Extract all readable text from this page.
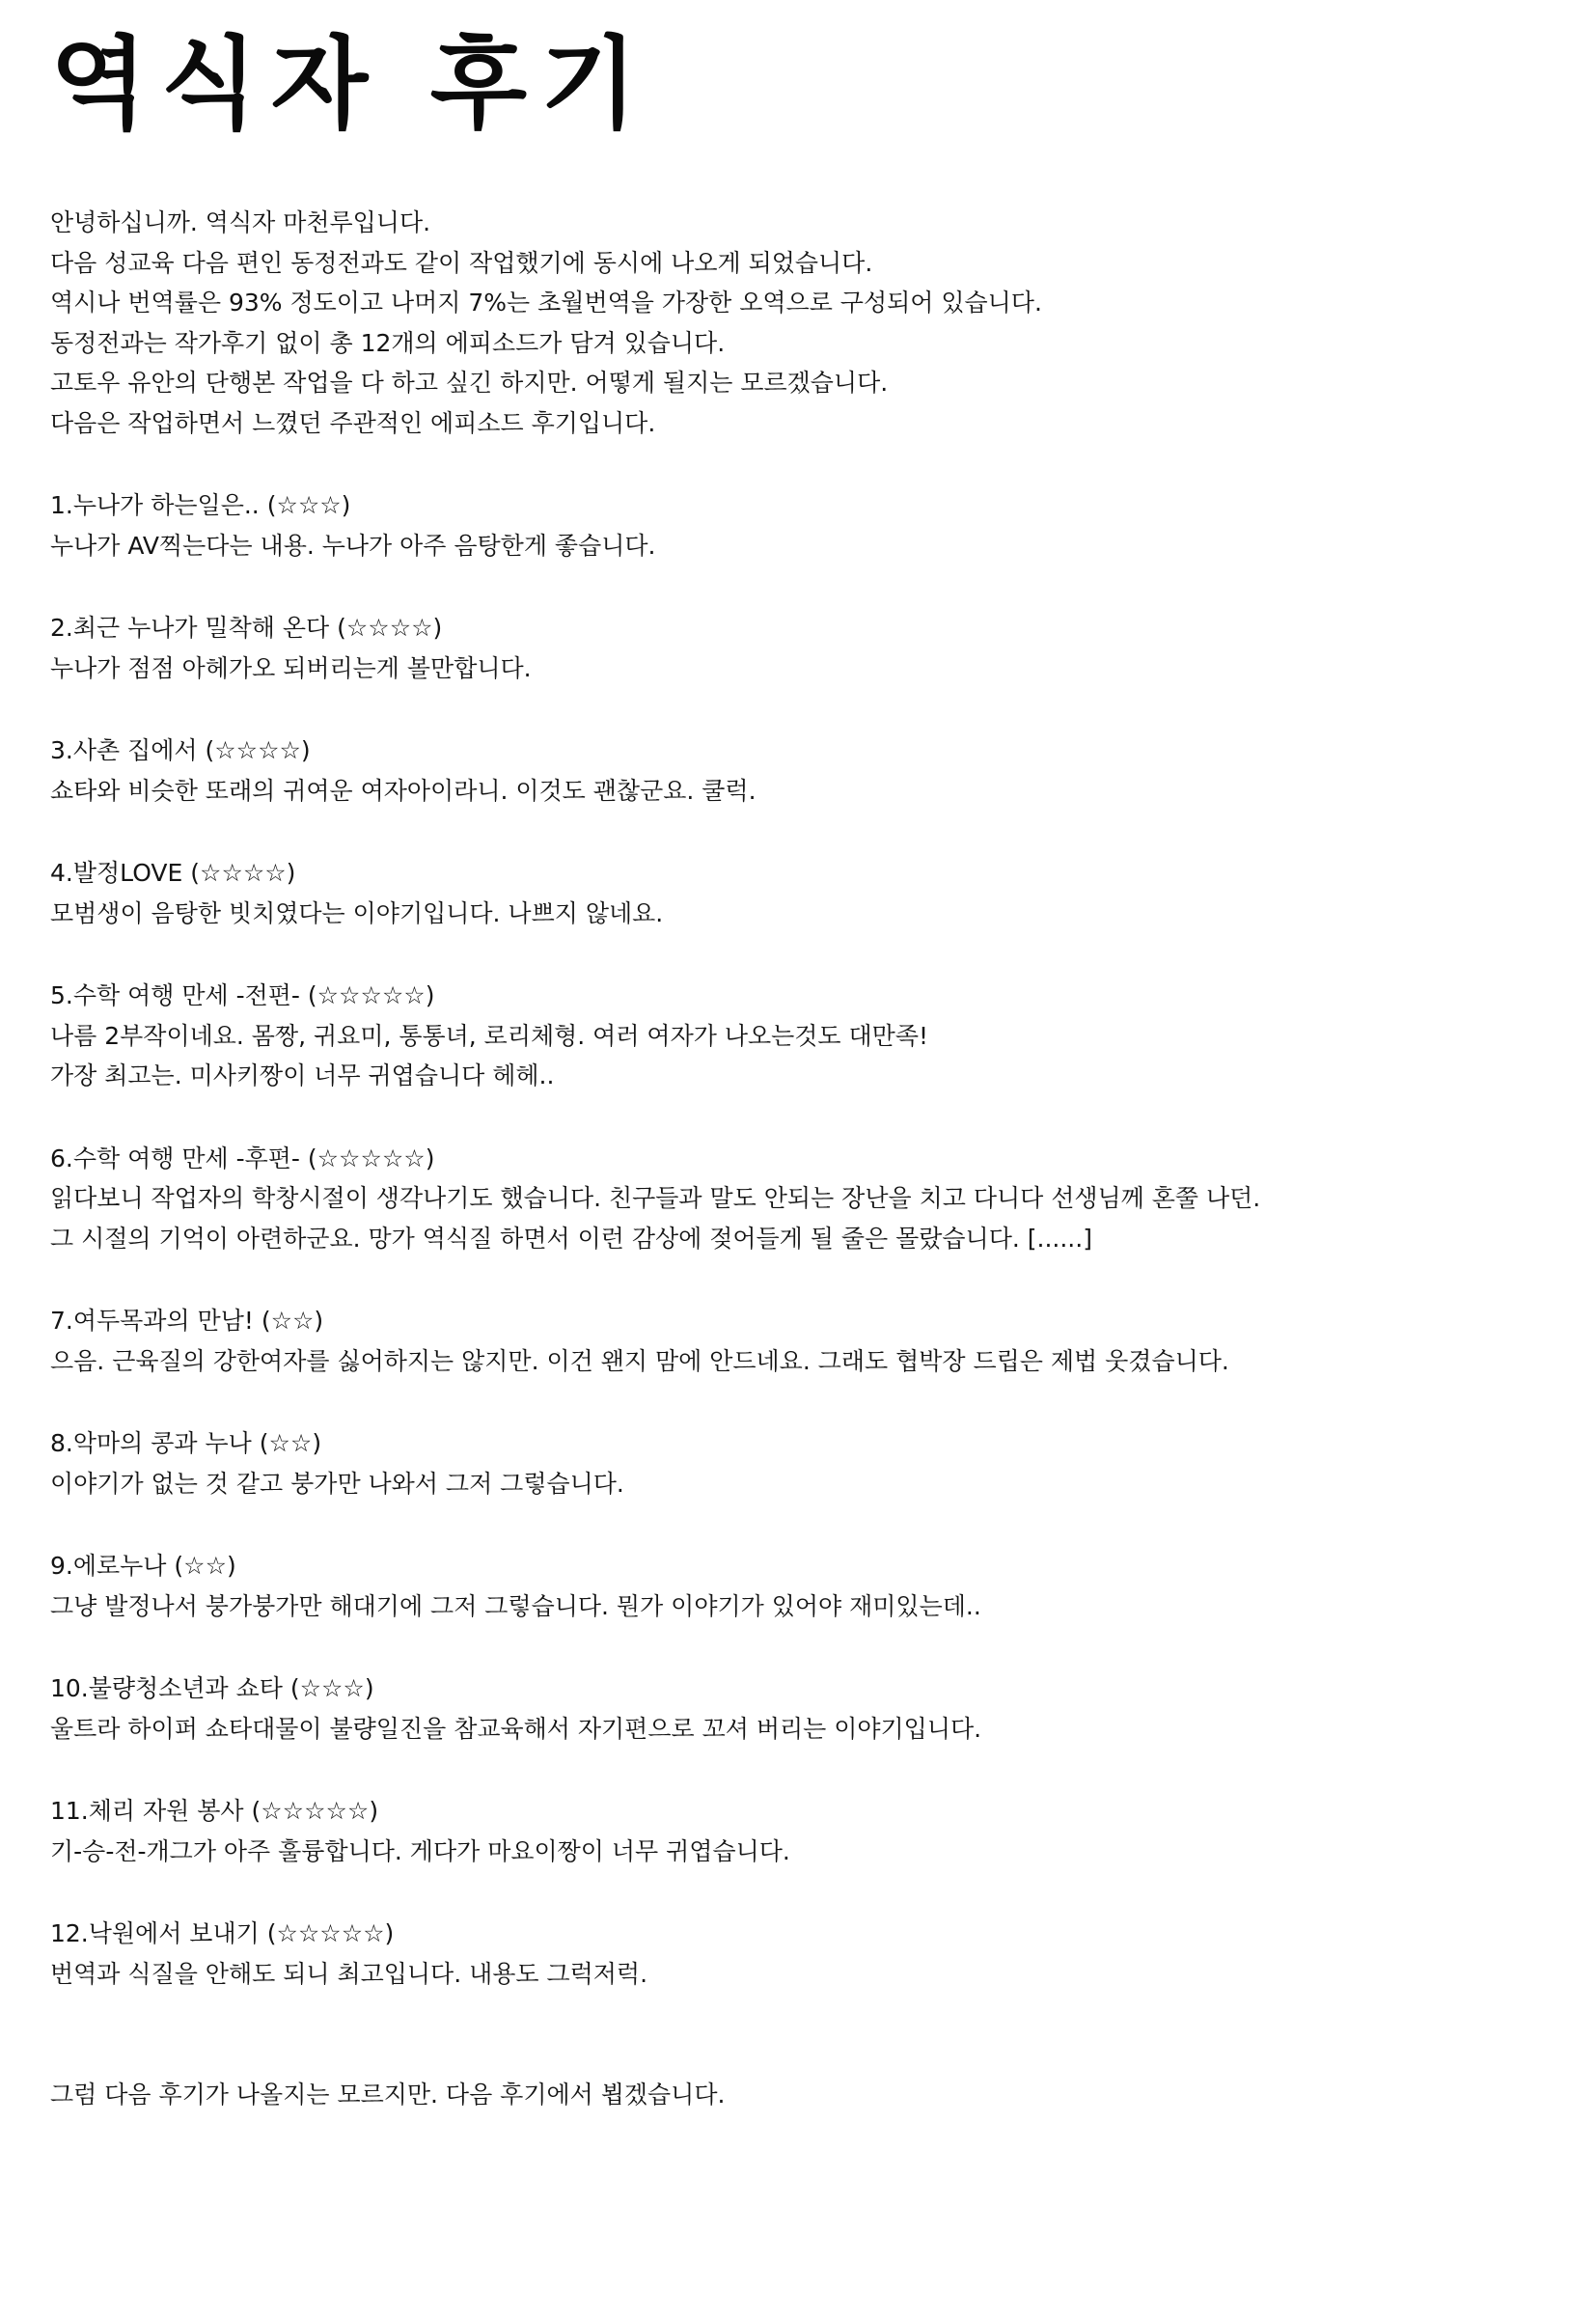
역식자 후기
안녕하십니까. 역식자 마천루입니다.
다음 성교육 다음 편인 동정전과도 같이 작업했기에 동시에 나오게 되었습니다.
역시나 번역률은 93% 정도이고 나머지 7%는 초월번역을 가장한 오역으로 구성되어 있습니다.
동정전과는 작가후기 없이 총 12개의 에피소드가 담겨 있습니다.
고토우 유안의 단행본 작업을 다 하고 싶긴 하지만. 어떻게 될지는 모르겠습니다.
다음은 작업하면서 느꼈던 주관적인 에피소드 후기입니다.
1.누나가 하는일은.. (☆☆☆)
누나가 AV찍는다는 내용. 누나가 아주 음탕한게 좋습니다.
2.최근 누나가 밀착해 온다 (☆☆☆☆)
누나가 점점 아헤가오 되버리는게 볼만합니다.
3.사촌 집에서 (☆☆☆☆)
쇼타와 비슷한 또래의 귀여운 여자아이라니. 이것도 괜찮군요. 쿨럭.
4.발정LOVE (☆☆☆☆)
모범생이 음탕한 빗치였다는 이야기입니다. 나쁘지 않네요.
5.수학 여행 만세 -전편- (☆☆☆☆☆)
나름 2부작이네요. 몸짱, 귀요미, 통통녀, 로리체형. 여러 여자가 나오는것도 대만족!
가장 최고는. 미사키짱이 너무 귀엽습니다 헤헤..
6.수학 여행 만세 -후편- (☆☆☆☆☆)
읽다보니 작업자의 학창시절이 생각나기도 했습니다. 친구들과 말도 안되는 장난을 치고 다니다 선생님께 혼쭐 나던.
그 시절의 기억이 아련하군요. 망가 역식질 하면서 이런 감상에 젖어들게 될 줄은 몰랐습니다. [......]
7.여두목과의 만남! (☆☆)
으음. 근육질의 강한여자를 싫어하지는 않지만. 이건 왠지 맘에 안드네요. 그래도 협박장 드립은 제법 웃겼습니다.
8.악마의 콩과 누나 (☆☆)
이야기가 없는 것 같고 붕가만 나와서 그저 그렇습니다.
9.에로누나 (☆☆)
그냥 발정나서 붕가붕가만 해대기에 그저 그렇습니다. 뭔가 이야기가 있어야 재미있는데..
10.불량청소년과 쇼타 (☆☆☆)
울트라 하이퍼 쇼타대물이 불량일진을 참교육해서 자기편으로 꼬셔 버리는 이야기입니다.
11.체리 자원 봉사 (☆☆☆☆☆)
기-승-전-개그가 아주 훌륭합니다. 게다가 마요이짱이 너무 귀엽습니다.
12.낙원에서 보내기 (☆☆☆☆☆)
번역과 식질을 안해도 되니 최고입니다. 내용도 그럭저럭.
그럼 다음 후기가 나올지는 모르지만. 다음 후기에서 뵙겠습니다.
